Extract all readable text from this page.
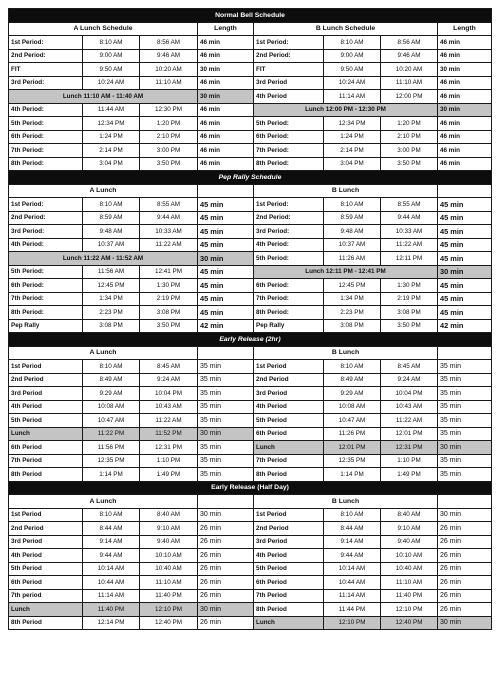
Normal Bell Schedule							
A Lunch Schedule			Length	B Lunch Schedule			Length
1st Period:	8:10 AM	8:56 AM	46 min	1st Period:	8:10 AM	8:56 AM	46 min
2nd Period:	9:00 AM	9:46 AM	46 min	2nd Period:	9:00 AM	9:46 AM	46 min
FIT	9:50 AM	10:20 AM	30 min	FIT	9:50 AM	10:20 AM	30 min
3rd Period:	10:24 AM	11:10 AM	46 min	3rd Period	10:24 AM	11:10 AM	46 min
Lunch 11:10 AM - 11:40 AM			30 min	4th Period	11:14 AM	12:00 PM	46 min
4th Period:	11:44 AM	12:30 PM	46 min	Lunch 12:00 PM - 12:30 PM			30 min
5th Period:	12:34 PM	1:20 PM	46 min	5th Period:	12:34 PM	1:20 PM	46 min
6th Period:	1:24 PM	2:10 PM	46 min	6th Period:	1:24 PM	2:10 PM	46 min
7th Period:	2:14 PM	3:00 PM	46 min	7th Period:	2:14 PM	3:00 PM	46 min
8th Period:	3:04 PM	3:50 PM	46 min	8th Period:	3:04 PM	3:50 PM	46 min
Pep Rally Schedule							
A Lunch				B Lunch			
1st Period:	8:10 AM	8:55 AM	45 min	1st Period:	8:10 AM	8:55 AM	45 min
2nd Period:	8:59 AM	9:44 AM	45 min	2nd Period:	8:59 AM	9:44 AM	45 min
3rd Period:	9:48 AM	10:33 AM	45 min	3rd Period:	9:48 AM	10:33 AM	45 min
4th Period:	10:37 AM	11:22 AM	45 min	4th Period:	10:37 AM	11:22 AM	45 min
Lunch 11:22 AM - 11:52 AM			30 min	5th Period:	11:26 AM	12:11 PM	45 min
5th Period:	11:56 AM	12:41 PM	45 min	Lunch 12:11 PM - 12:41 PM			30 min
6th Period:	12:45 PM	1:30 PM	45 min	6th Period:	12:45 PM	1:30 PM	45 min
7th Period:	1:34 PM	2:19 PM	45 min	7th Period:	1:34 PM	2:19 PM	45 min
8th Period:	2:23 PM	3:08 PM	45 min	8th Period:	2:23 PM	3:08 PM	45 min
Pep Rally	3:08 PM	3:50 PM	42 min	Pep Rally	3:08 PM	3:50 PM	42 min
Early Release (2hr)							
A Lunch				B Lunch			
1st Period	8:10 AM	8:45 AM	35 min	1st Period	8:10 AM	8:45 AM	35 min
2nd Period	8:49 AM	9:24 AM	35 min	2nd Period	8:49 AM	9:24 AM	35 min
3rd Period	9:29 AM	10:04 PM	35 min	3rd Period	9:29 AM	10:04 PM	35 min
4th Period	10:08 AM	10:43 AM	35 min	4th Period	10:08 AM	10:43 AM	35 min
5th Period	10:47 AM	11:22 AM	35 min	5th Period	10:47 AM	11:22 AM	35 min
Lunch	11:22 PM	11:52 PM	30 min	6th Period	11:26 PM	12:01 PM	35 min
6th Period	11:56 PM	12:31 PM	35 min	Lunch	12:01 PM	12:31 PM	30 min
7th Period	12:35 PM	1:10 PM	35 min	7th Period	12:35 PM	1:10 PM	35 min
8th Period	1:14 PM	1:49 PM	35 min	8th Period	1:14 PM	1:49 PM	35 min
Early Release (Half Day)							
A Lunch				B Lunch			
1st Period	8:10 AM	8:40 AM	30 min	1st Period	8:10 AM	8:40 AM	30 min
2nd Period	8:44 AM	9:10 AM	26 min	2nd Period	8:44 AM	9:10 AM	26 min
3rd Period	9:14 AM	9:40 AM	26 min	3rd Period	9:14 AM	9:40 AM	26 min
4th Period	9:44 AM	10:10 AM	26 min	4th Period	9:44 AM	10:10 AM	26 min
5th Period	10:14 AM	10:40 AM	26 min	5th Period	10:14 AM	10:40 AM	26 min
6th Period	10:44 AM	11:10 AM	26 min	6th Period	10:44 AM	11:10 AM	26 min
7th period	11:14 AM	11:40 PM	26 min	7th Period	11:14 AM	11:40 PM	26 min
Lunch	11:40 PM	12:10 PM	30 min	8th Period	11:44 PM	12:10 PM	26 min
8th Period	12:14 PM	12:40 PM	26 min	Lunch	12:10 PM	12:40 PM	30 min
